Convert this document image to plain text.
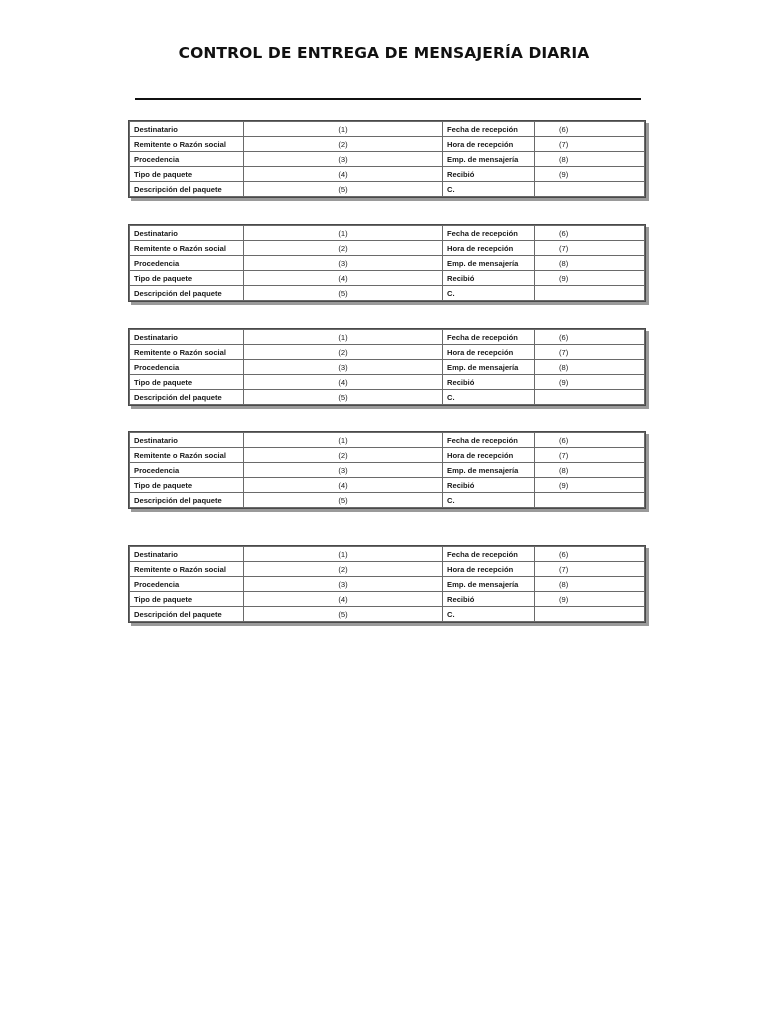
CONTROL DE ENTREGA DE MENSAJERÍA DIARIA
Destinatario	(1)	Fecha de recepción	(6)
Remitente o Razón social	(2)	Hora de recepción	(7)
Procedencia	(3)	Emp. de mensajería	(8)
Tipo de paquete	(4)	Recibió	(9)
Descripción del paquete	(5)	C.	
Destinatario	(1)	Fecha de recepción	(6)
Remitente o Razón social	(2)	Hora de recepción	(7)
Procedencia	(3)	Emp. de mensajería	(8)
Tipo de paquete	(4)	Recibió	(9)
Descripción del paquete	(5)	C.	
Destinatario	(1)	Fecha de recepción	(6)
Remitente o Razón social	(2)	Hora de recepción	(7)
Procedencia	(3)	Emp. de mensajería	(8)
Tipo de paquete	(4)	Recibió	(9)
Descripción del paquete	(5)	C.	
Destinatario	(1)	Fecha de recepción	(6)
Remitente o Razón social	(2)	Hora de recepción	(7)
Procedencia	(3)	Emp. de mensajería	(8)
Tipo de paquete	(4)	Recibió	(9)
Descripción del paquete	(5)	C.	
Destinatario	(1)	Fecha de recepción	(6)
Remitente o Razón social	(2)	Hora de recepción	(7)
Procedencia	(3)	Emp. de mensajería	(8)
Tipo de paquete	(4)	Recibió	(9)
Descripción del paquete	(5)	C.	
